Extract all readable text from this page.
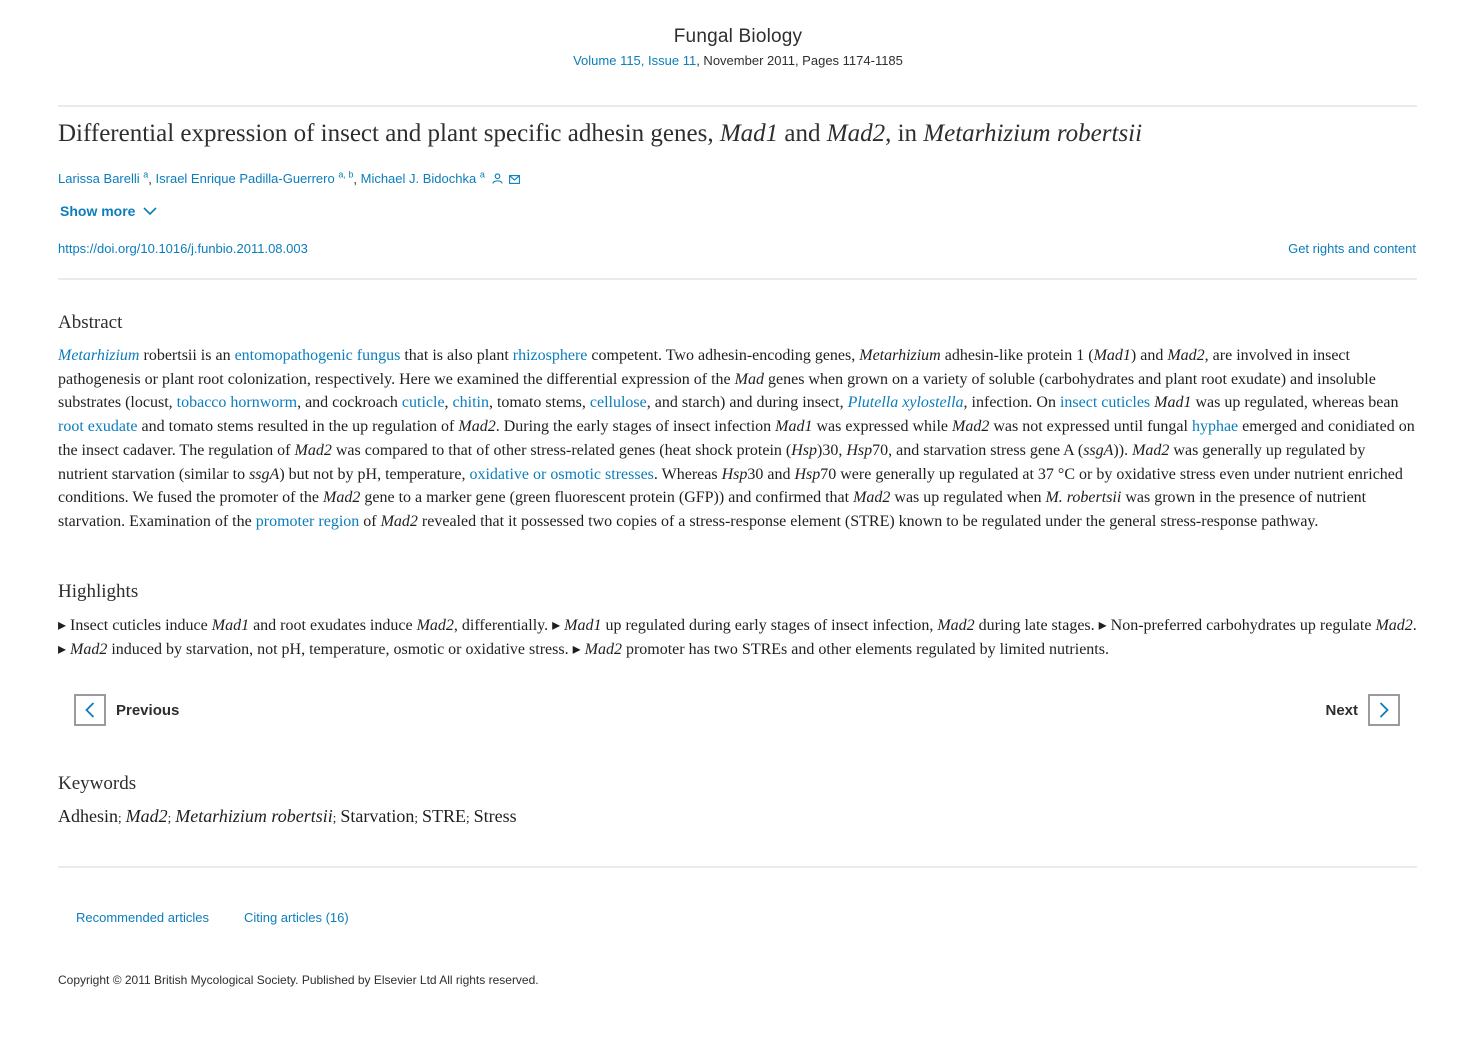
Fungal Biology
Volume 115, Issue 11, November 2011, Pages 1174-1185
Differential expression of insect and plant specific adhesin genes, Mad1 and Mad2, in Metarhizium robertsii
Larissa Barelli $^a$, Israel Enrique Padilla-Guerrero $^{a, b}$, Michael J. Bidochka $^a$
Show more
https://doi.org/10.1016/j.funbio.2011.08.003	Get rights and content
Abstract
Metarhizium robertsii is an entomopathogenic fungus that is also plant rhizosphere competent. Two adhesin-encoding genes, Metarhizium adhesin-like protein 1 (Mad1) and Mad2, are involved in insect pathogenesis or plant root colonization, respectively. Here we examined the differential expression of the Mad genes when grown on a variety of soluble (carbohydrates and plant root exudate) and insoluble substrates (locust, tobacco hornworm, and cockroach cuticle, chitin, tomato stems, cellulose, and starch) and during insect, Plutella xylostella, infection. On insect cuticles Mad1 was up regulated, whereas bean root exudate and tomato stems resulted in the up regulation of Mad2. During the early stages of insect infection Mad1 was expressed while Mad2 was not expressed until fungal hyphae emerged and conidiated on the insect cadaver. The regulation of Mad2 was compared to that of other stress-related genes (heat shock protein (Hsp)30, Hsp70, and starvation stress gene A (ssgA)). Mad2 was generally up regulated by nutrient starvation (similar to ssgA) but not by pH, temperature, oxidative or osmotic stresses. Whereas Hsp30 and Hsp70 were generally up regulated at 37 °C or by oxidative stress even under nutrient enriched conditions. We fused the promoter of the Mad2 gene to a marker gene (green fluorescent protein (GFP)) and confirmed that Mad2 was up regulated when M. robertsii was grown in the presence of nutrient starvation. Examination of the promoter region of Mad2 revealed that it possessed two copies of a stress-response element (STRE) known to be regulated under the general stress-response pathway.
Highlights
▸ Insect cuticles induce Mad1 and root exudates induce Mad2, differentially. ▸ Mad1 up regulated during early stages of insect infection, Mad2 during late stages. ▸ Non-preferred carbohydrates up regulate Mad2. ▸ Mad2 induced by starvation, not pH, temperature, osmotic or oxidative stress. ▸ Mad2 promoter has two STREs and other elements regulated by limited nutrients.
Previous	Next
Keywords
Adhesin; Mad2; Metarhizium robertsii; Starvation; STRE; Stress
Recommended articles	Citing articles (16)
Copyright © 2011 British Mycological Society. Published by Elsevier Ltd All rights reserved.
